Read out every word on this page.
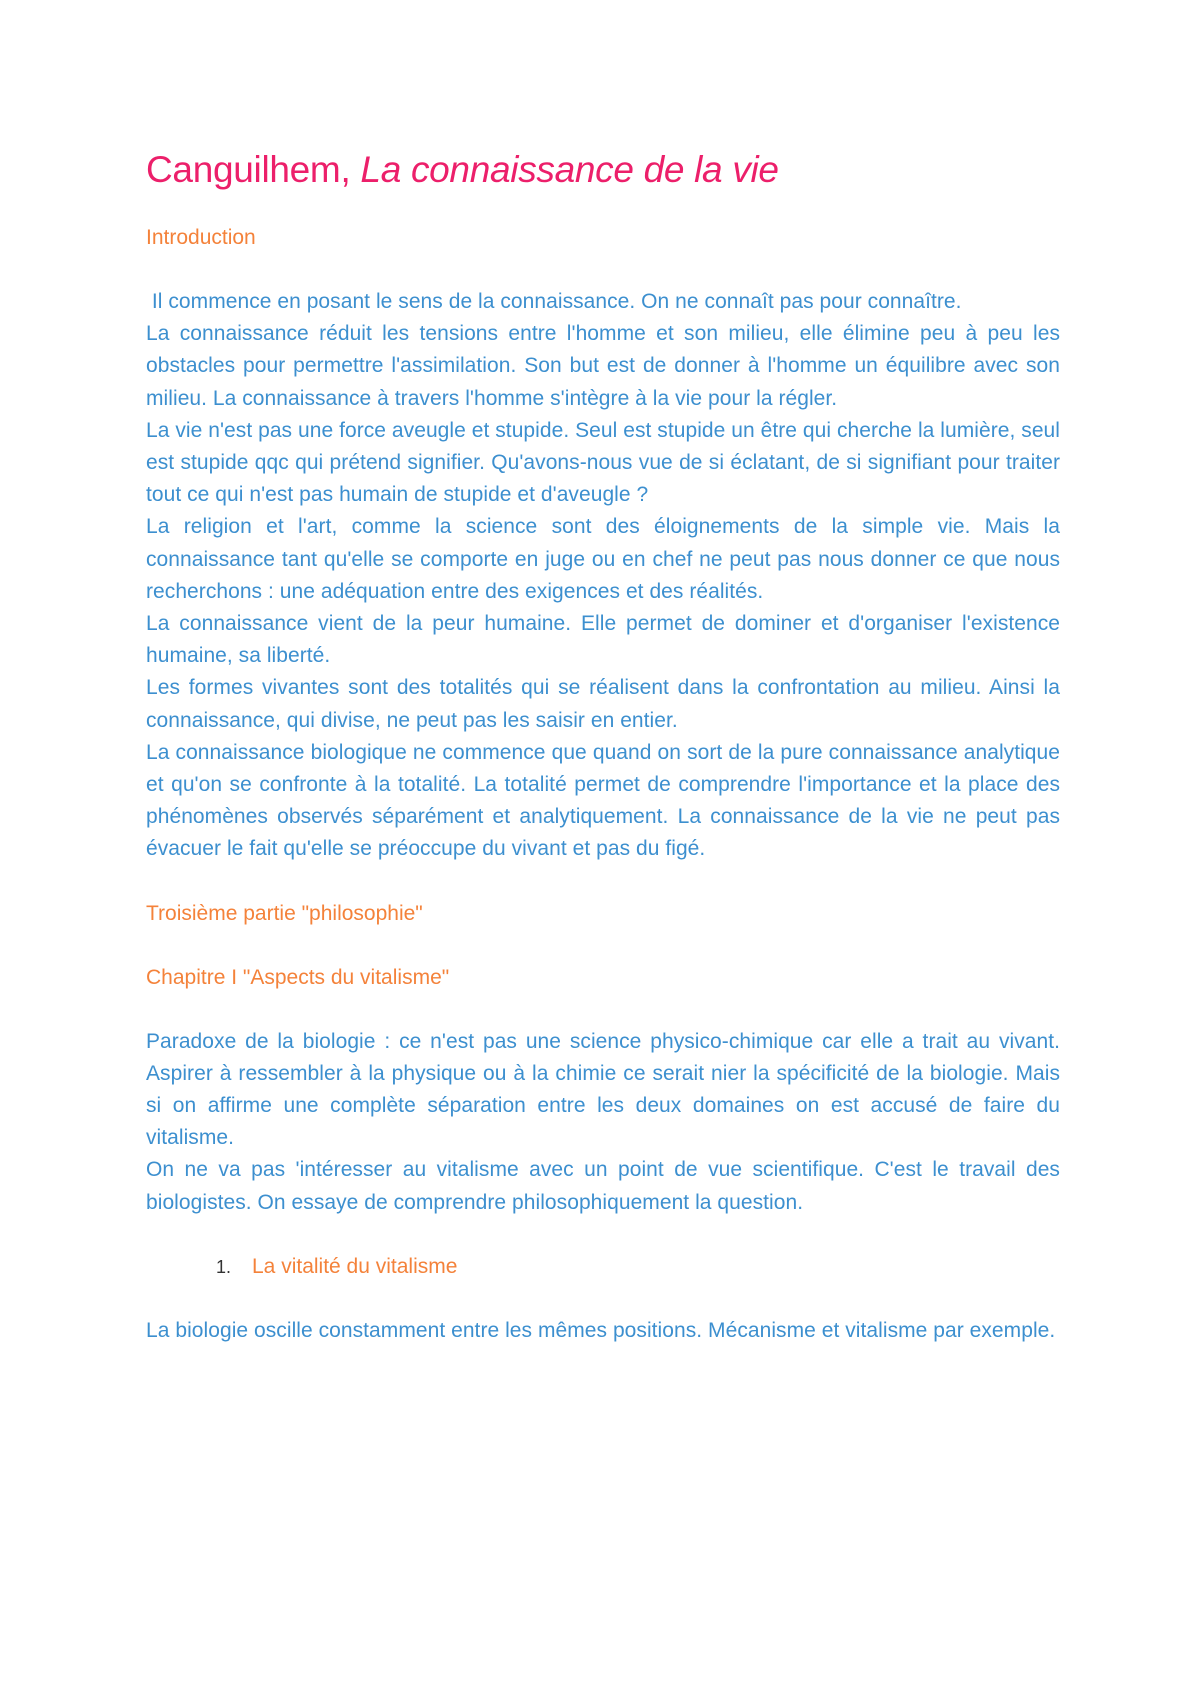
Canguilhem, La connaissance de la vie
Introduction

Il commence en posant le sens de la connaissance. On ne connaît pas pour connaître.

La connaissance réduit les tensions entre l'homme et son milieu, elle élimine peu à peu les obstacles pour permettre l'assimilation. Son but est de donner à l'homme un équilibre avec son milieu. La connaissance à travers l'homme s'intègre à la vie pour la régler.

La vie n'est pas une force aveugle et stupide. Seul est stupide un être qui cherche la lumière, seul est stupide qqc qui prétend signifier. Qu'avons-nous vue de si éclatant, de si signifiant pour traiter tout ce qui n'est pas humain de stupide et d'aveugle ?

La religion et l'art, comme la science sont des éloignements de la simple vie. Mais la connaissance tant qu'elle se comporte en juge ou en chef ne peut pas nous donner ce que nous recherchons : une adéquation entre des exigences et des réalités.

La connaissance vient de la peur humaine. Elle permet de dominer et d'organiser l'existence humaine, sa liberté.

Les formes vivantes sont des totalités qui se réalisent dans la confrontation au milieu. Ainsi la connaissance, qui divise, ne peut pas les saisir en entier.

La connaissance biologique ne commence que quand on sort de la pure connaissance analytique et qu'on se confronte à la totalité. La totalité permet de comprendre l'importance et la place des phénomènes observés séparément et analytiquement. La connaissance de la vie ne peut pas évacuer le fait qu'elle se préoccupe du vivant et pas du figé.

Troisième partie "philosophie"
Chapitre I "Aspects du vitalisme"

Paradoxe de la biologie : ce n'est pas une science physico-chimique car elle a trait au vivant. Aspirer à ressembler à la physique ou à la chimie ce serait nier la spécificité de la biologie. Mais si on affirme une complète séparation entre les deux domaines on est accusé de faire du vitalisme.

On ne va pas 'intéresser au vitalisme avec un point de vue scientifique. C'est le travail des biologistes. On essaye de comprendre philosophiquement la question.

1. La vitalité du vitalisme

La biologie oscille constamment entre les mêmes positions. Mécanisme et vitalisme par exemple.
